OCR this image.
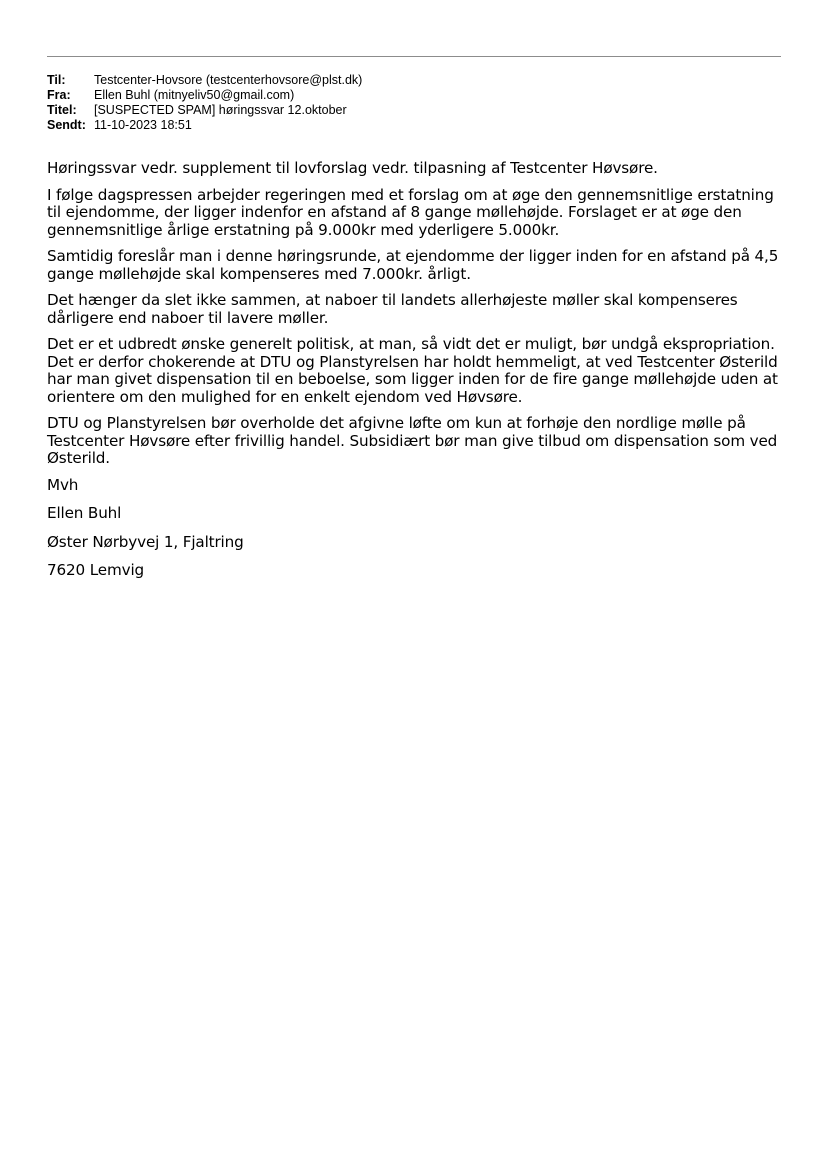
Til:	Testcenter-Hovsore (testcenterhovsore@plst.dk)
Fra:	Ellen Buhl (mitnyeliv50@gmail.com)
Titel:	[SUSPECTED SPAM] høringssvar 12.oktober
Sendt: 11-10-2023 18:51

Høringssvar vedr. supplement til lovforslag vedr. tilpasning af Testcenter Høvsøre.

I følge dagspressen arbejder regeringen med et forslag om at øge den gennemsnitlige erstatning til ejendomme, der ligger indenfor en afstand af 8 gange møllehøjde. Forslaget er at øge den gennemsnitlige årlige erstatning på 9.000kr med yderligere 5.000kr.

Samtidig foreslår man i denne høringsrunde, at ejendomme der ligger inden for en afstand på 4,5 gange møllehøjde skal kompenseres med 7.000kr. årligt.

Det hænger da slet ikke sammen, at naboer til landets allerhøjeste møller skal kompenseres dårligere end naboer til lavere møller.

Det er et udbredt ønske generelt politisk, at man, så vidt det er muligt, bør undgå ekspropriation. Det er derfor chokerende at DTU og Planstyrelsen har holdt hemmeligt, at ved Testcenter Østerild har man givet dispensation til en beboelse, som ligger inden for de fire gange møllehøjde uden at orientere om den mulighed for en enkelt ejendom ved Høvsøre.

DTU og Planstyrelsen bør overholde det afgivne løfte om kun at forhøje den nordlige mølle på Testcenter Høvsøre efter frivillig handel. Subsidiært bør man give tilbud om dispensation som ved Østerild.

Mvh

Ellen Buhl

Øster Nørbyvej 1, Fjaltring

7620 Lemvig
